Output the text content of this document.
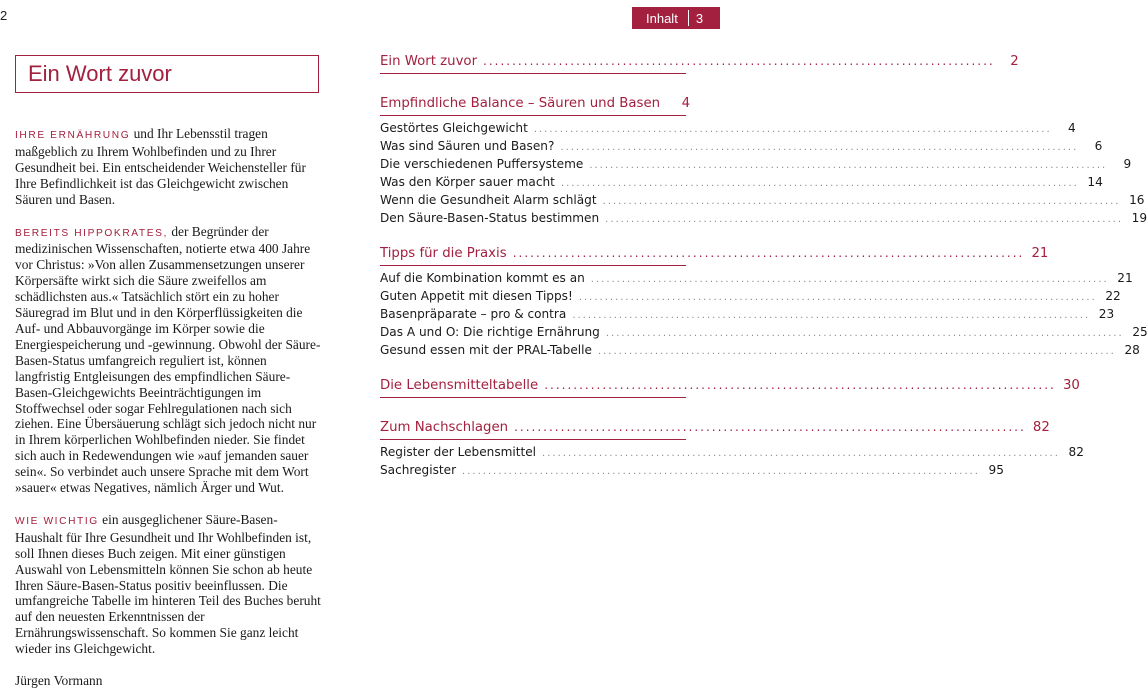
2	Inhalt	3
Ein Wort zuvor

IHRE ERNÄHRUNG und Ihr Lebensstil tragen maßgeblich zu Ihrem Wohlbefinden und zu Ihrer Gesundheit bei. Ein entscheidender Weichensteller für Ihre Befindlichkeit ist das Gleichgewicht zwischen Säuren und Basen.

BEREITS HIPPOKRATES, der Begründer der medizinischen Wissenschaften, notierte etwa 400 Jahre vor Christus: »Von allen Zusammensetzungen unserer Körpersäfte wirkt sich die Säure zweifellos am schädlichsten aus.« Tatsächlich stört ein zu hoher Säuregrad im Blut und in den Körperflüssigkeiten die Auf- und Abbauvorgänge im Körper sowie die Energiespeicherung und -gewinnung. Obwohl der Säure-Basen-Status umfangreich reguliert ist, können langfristig Entgleisungen des empfindlichen Säure-Basen-Gleichgewichts Beeinträchtigungen im Stoffwechsel oder sogar Fehlregulationen nach sich ziehen. Eine Übersäuerung schlägt sich jedoch nicht nur in Ihrem körperlichen Wohlbefinden nieder. Sie findet sich auch in Redewendungen wie »auf jemanden sauer sein«. So verbindet auch unsere Sprache mit dem Wort »sauer« etwas Negatives, nämlich Ärger und Wut.

WIE WICHTIG ein ausgeglichener Säure-Basen-Haushalt für Ihre Gesundheit und Ihr Wohlbefinden ist, soll Ihnen dieses Buch zeigen. Mit einer günstigen Auswahl von Lebensmitteln können Sie schon ab heute Ihren Säure-Basen-Status positiv beeinflussen. Die umfangreiche Tabelle im hinteren Teil des Buches beruht auf den neuesten Erkenntnissen der Ernährungswissenschaft. So kommen Sie ganz leicht wieder ins Gleichgewicht.

Jürgen Vormann
Ein Wort zuvor ........................................................................................	2
Empfindliche Balance – Säuren und Basen	4
Gestörtes Gleichgewicht ....................................................................................................	4
Was sind Säuren und Basen? ....................................................................................................	6
Die verschiedenen Puffersysteme ....................................................................................................	9
Was den Körper sauer macht .................................................................................................... 14
Wenn die Gesundheit Alarm schlägt .................................................................................................... 16
Den Säure-Basen-Status bestimmen .................................................................................................... 19
Tipps für die Praxis ........................................................................................ 21
Auf die Kombination kommt es an .................................................................................................... 21
Guten Appetit mit diesen Tipps! .................................................................................................... 22
Basenpräparate – pro & contra .................................................................................................... 23
Das A und O: Die richtige Ernährung .................................................................................................... 25
Gesund essen mit der PRAL-Tabelle .................................................................................................... 28
Die Lebensmitteltabelle ........................................................................................ 30
Zum Nachschlagen ........................................................................................ 82
Register der Lebensmittel .................................................................................................... 82
Sachregister .................................................................................................... 95
